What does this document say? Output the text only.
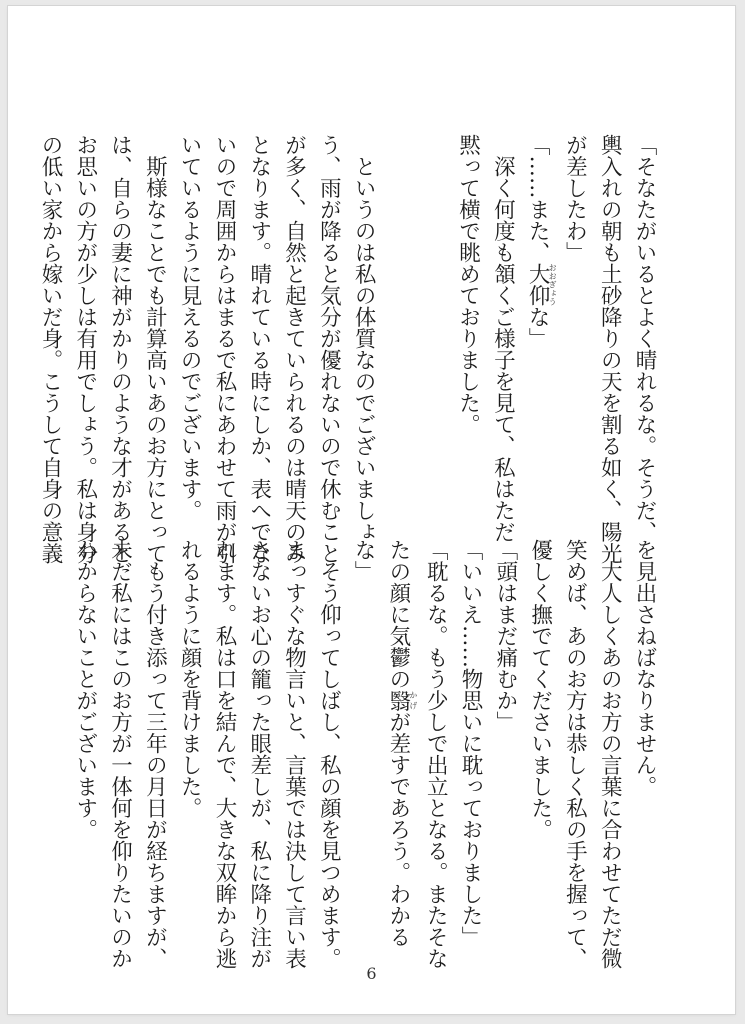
「そなたがいるとよく晴れるな。そうだ、
輿入れの朝も土砂降りの天を割る如く、陽光
が差したわ」
「……また、大仰おおぎょうな」
　深く何度も頷くご様子を見て、私はただ
黙って横で眺めておりました。
　というのは私の体質なのでございましょ
う、雨が降ると気分が優れないので休むこと
が多く、自然と起きていられるのは晴天のみ
となります。晴れている時にしか、表へでな
いので周囲からはまるで私にあわせて雨が引
いているように見えるのでございます。
　斯様なことでも計算高いあのお方にとって
は、自らの妻に神がかりのような才があると
お思いの方が少しは有用でしょう。私は身分
の低い家から嫁いだ身。こうして自身の意義
を見出さねばなりません。
　大人しくあのお方の言葉に合わせてただ微
笑めば、あのお方は恭しく私の手を握って、
優しく撫でてくださいました。
「頭はまだ痛むか」
「いいえ……物思いに耽っておりました」
「耽るな。もう少しで出立となる。またそな
たの顔に気鬱の翳かげが差すであろう。わかる
な」
　そう仰ってしばし、私の顔を見つめます。
まっすぐな物言いと、言葉では決して言い表
さないお心の籠った眼差しが、私に降り注が
れます。私は口を結んで、大きな双眸から逃
れるように顔を背けました。
　もう付き添って三年の月日が経ちますが、
未だ私にはこのお方が一体何を仰りたいのか
わからないことがございます。
6
